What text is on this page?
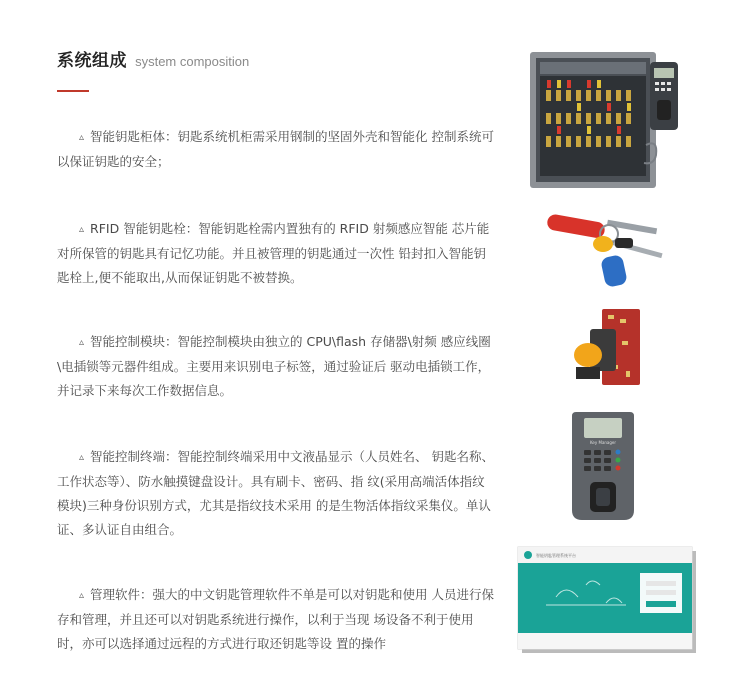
系统组成 system composition
▵ 智能钥匙柜体：钥匙系统机柜需采用钢制的坚固外壳和智能化 控制系统可以保证钥匙的安全；
▵ RFID 智能钥匙栓：智能钥匙栓需内置独有的 RFID 射频感应智能 芯片能对所保管的钥匙具有记忆功能。并且被管理的钥匙通过一次性 铅封扣入智能钥匙栓上,便不能取出,从而保证钥匙不被替换。
▵ 智能控制模块：智能控制模块由独立的 CPU\flash 存储器\射频 感应线圈\电插锁等元器件组成。主要用来识别电子标签，通过验证后 驱动电插锁工作，并记录下来每次工作数据信息。
▵ 智能控制终端：智能控制终端采用中文液晶显示（人员姓名、 钥匙名称、工作状态等）、防水触摸键盘设计。具有刷卡、密码、指 纹(采用高端活体指纹模块)三种身份识别方式，尤其是指纹技术采用 的是生物活体指纹采集仪。单认证、多认证自由组合。
▵ 管理软件：强大的中文钥匙管理软件不单是可以对钥匙和使用 人员进行保存和管理，并且还可以对钥匙系统进行操作，以利于当现 场设备不利于使用时，亦可以选择通过远程的方式进行取还钥匙等设 置的操作
Key Manager
智能钥匙管理系统平台
